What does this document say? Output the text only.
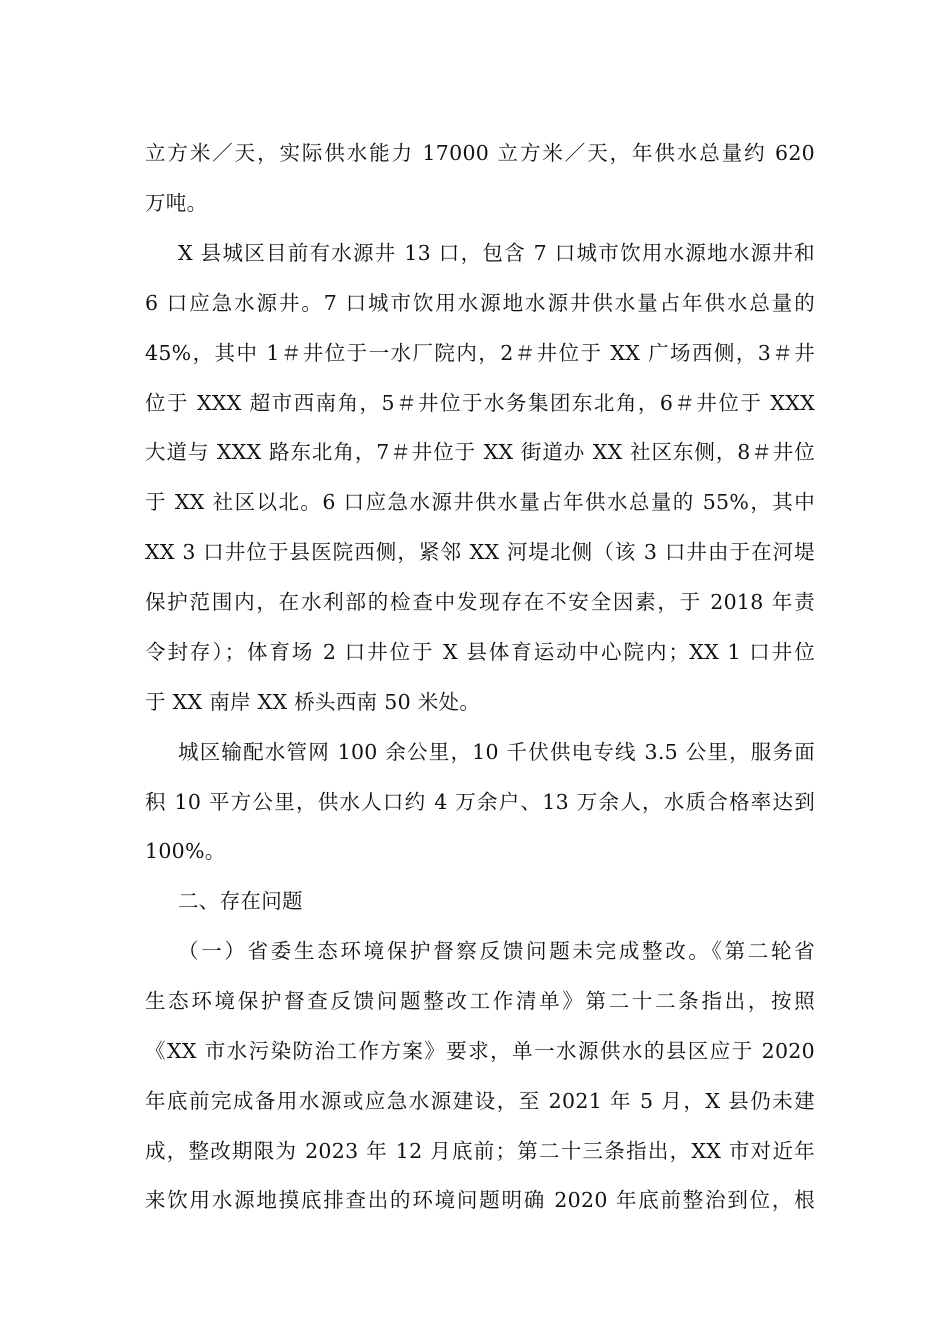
立方米／天，实际供水能力 17000 立方米／天，年供水总量约 620
万吨。
X 县城区目前有水源井 13 口，包含 7 口城市饮用水源地水源井和
6 口应急水源井。7 口城市饮用水源地水源井供水量占年供水总量的
45%，其中 1＃井位于一水厂院内，2＃井位于 XX 广场西侧，3＃井
位于 XXX 超市西南角，5＃井位于水务集团东北角，6＃井位于 XXX
大道与 XXX 路东北角，7＃井位于 XX 街道办 XX 社区东侧，8＃井位
于 XX 社区以北。6 口应急水源井供水量占年供水总量的 55%，其中
XX 3 口井位于县医院西侧，紧邻 XX 河堤北侧（该 3 口井由于在河堤
保护范围内，在水利部的检查中发现存在不安全因素，于 2018 年责
令封存）；体育场 2 口井位于 X 县体育运动中心院内；XX 1 口井位
于 XX 南岸 XX 桥头西南 50 米处。
城区输配水管网 100 余公里，10 千伏供电专线 3.5 公里，服务面
积 10 平方公里，供水人口约 4 万余户、13 万余人，水质合格率达到
100%。
二、存在问题
（一）省委生态环境保护督察反馈问题未完成整改。《第二轮省
生态环境保护督查反馈问题整改工作清单》第二十二条指出，按照
《XX 市水污染防治工作方案》要求，单一水源供水的县区应于 2020
年底前完成备用水源或应急水源建设，至 2021 年 5 月，X 县仍未建
成，整改期限为 2023 年 12 月底前；第二十三条指出，XX 市对近年
来饮用水源地摸底排查出的环境问题明确 2020 年底前整治到位，根
